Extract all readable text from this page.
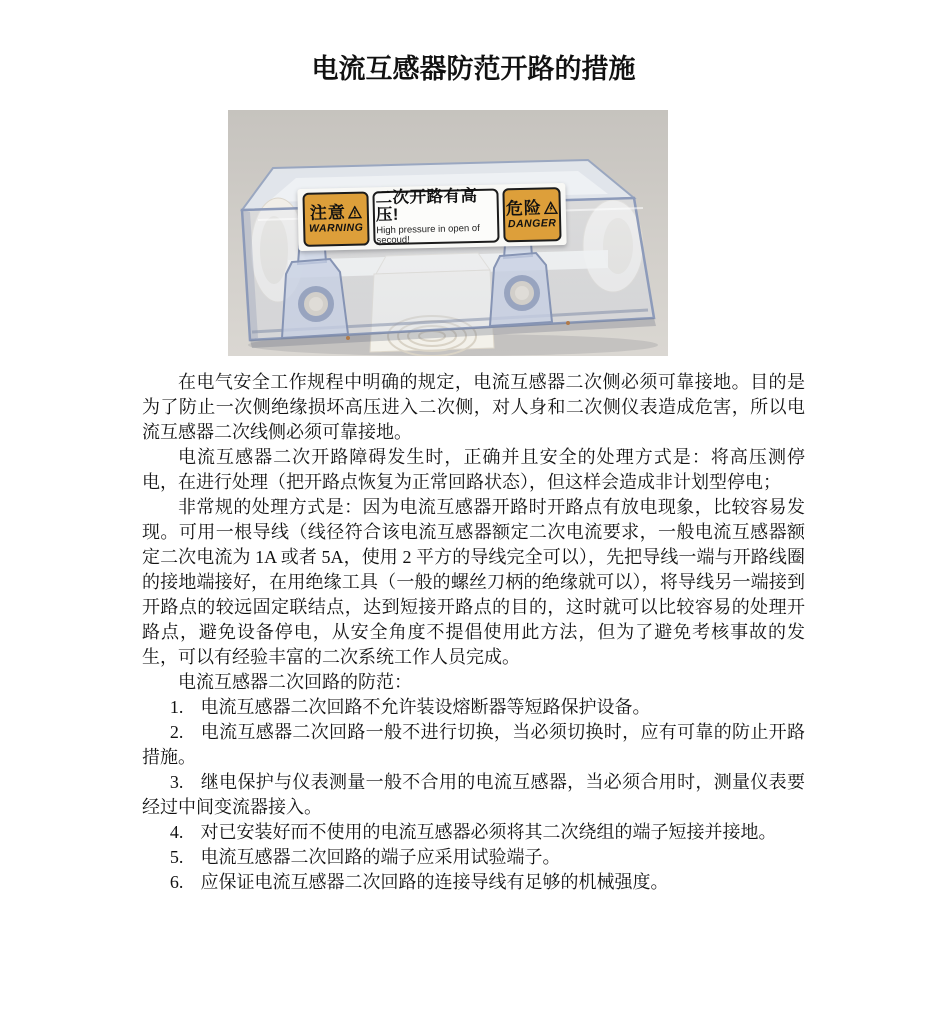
电流互感器防范开路的措施
注意
WARNING
二次开路有高压!
High pressure in open of secoud!
危险
DANGER

在电气安全工作规程中明确的规定，电流互感器二次侧必须可靠接地。目的是为了防止一次侧绝缘损坏高压进入二次侧，对人身和二次侧仪表造成危害，所以电流互感器二次线侧必须可靠接地。

电流互感器二次开路障碍发生时，正确并且安全的处理方式是：将高压测停电，在进行处理（把开路点恢复为正常回路状态），但这样会造成非计划型停电；

非常规的处理方式是：因为电流互感器开路时开路点有放电现象，比较容易发现。可用一根导线（线径符合该电流互感器额定二次电流要求，一般电流互感器额定二次电流为 1A 或者 5A，使用 2 平方的导线完全可以），先把导线一端与开路线圈的接地端接好，在用绝缘工具（一般的螺丝刀柄的绝缘就可以），将导线另一端接到开路点的较远固定联结点，达到短接开路点的目的，这时就可以比较容易的处理开路点，避免设备停电，从安全角度不提倡使用此方法，但为了避免考核事故的发生，可以有经验丰富的二次系统工作人员完成。

电流互感器二次回路的防范：

1. 电流互感器二次回路不允许装设熔断器等短路保护设备。

2. 电流互感器二次回路一般不进行切换，当必须切换时，应有可靠的防止开路措施。

3. 继电保护与仪表测量一般不合用的电流互感器，当必须合用时，测量仪表要经过中间变流器接入。

4. 对已安装好而不使用的电流互感器必须将其二次绕组的端子短接并接地。

5. 电流互感器二次回路的端子应采用试验端子。

6. 应保证电流互感器二次回路的连接导线有足够的机械强度。
